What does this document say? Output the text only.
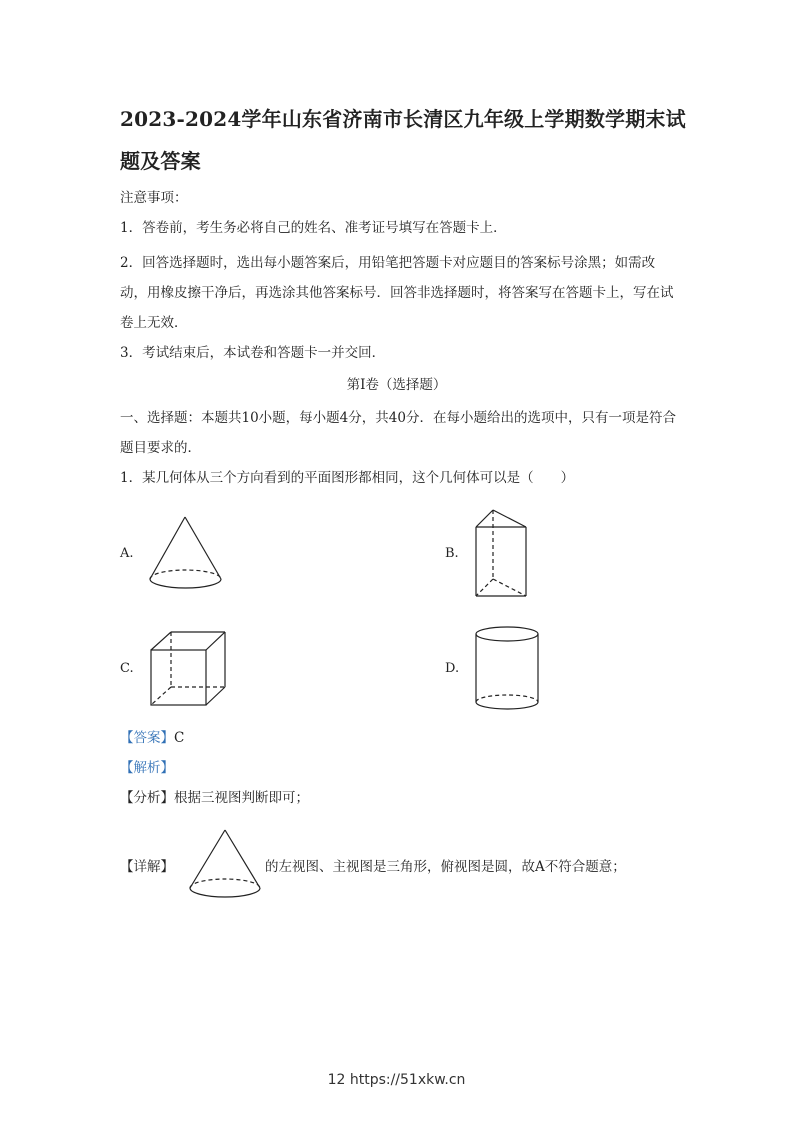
2023-2024学年山东省济南市长清区九年级上学期数学期末试题及答案
注意事项：
1．答卷前，考生务必将自己的姓名、准考证号填写在答题卡上．
2．回答选择题时，选出每小题答案后，用铅笔把答题卡对应题目的答案标号涂黑；如需改动，用橡皮擦干净后，再选涂其他答案标号．回答非选择题时，将答案写在答题卡上，写在试卷上无效．
3．考试结束后，本试卷和答题卡一并交回．
第Ⅰ卷（选择题）
一、选择题：本题共10小题，每小题4分，共40分．在每小题给出的选项中，只有一项是符合题目要求的．
1．某几何体从三个方向看到的平面图形都相同，这个几何体可以是（　　）
A.	B.
C.	D.
【答案】C
【解析】
【分析】根据三视图判断即可；
【详解】	的左视图、主视图是三角形，俯视图是圆，故A不符合题意；
12 https://51xkw.cn
